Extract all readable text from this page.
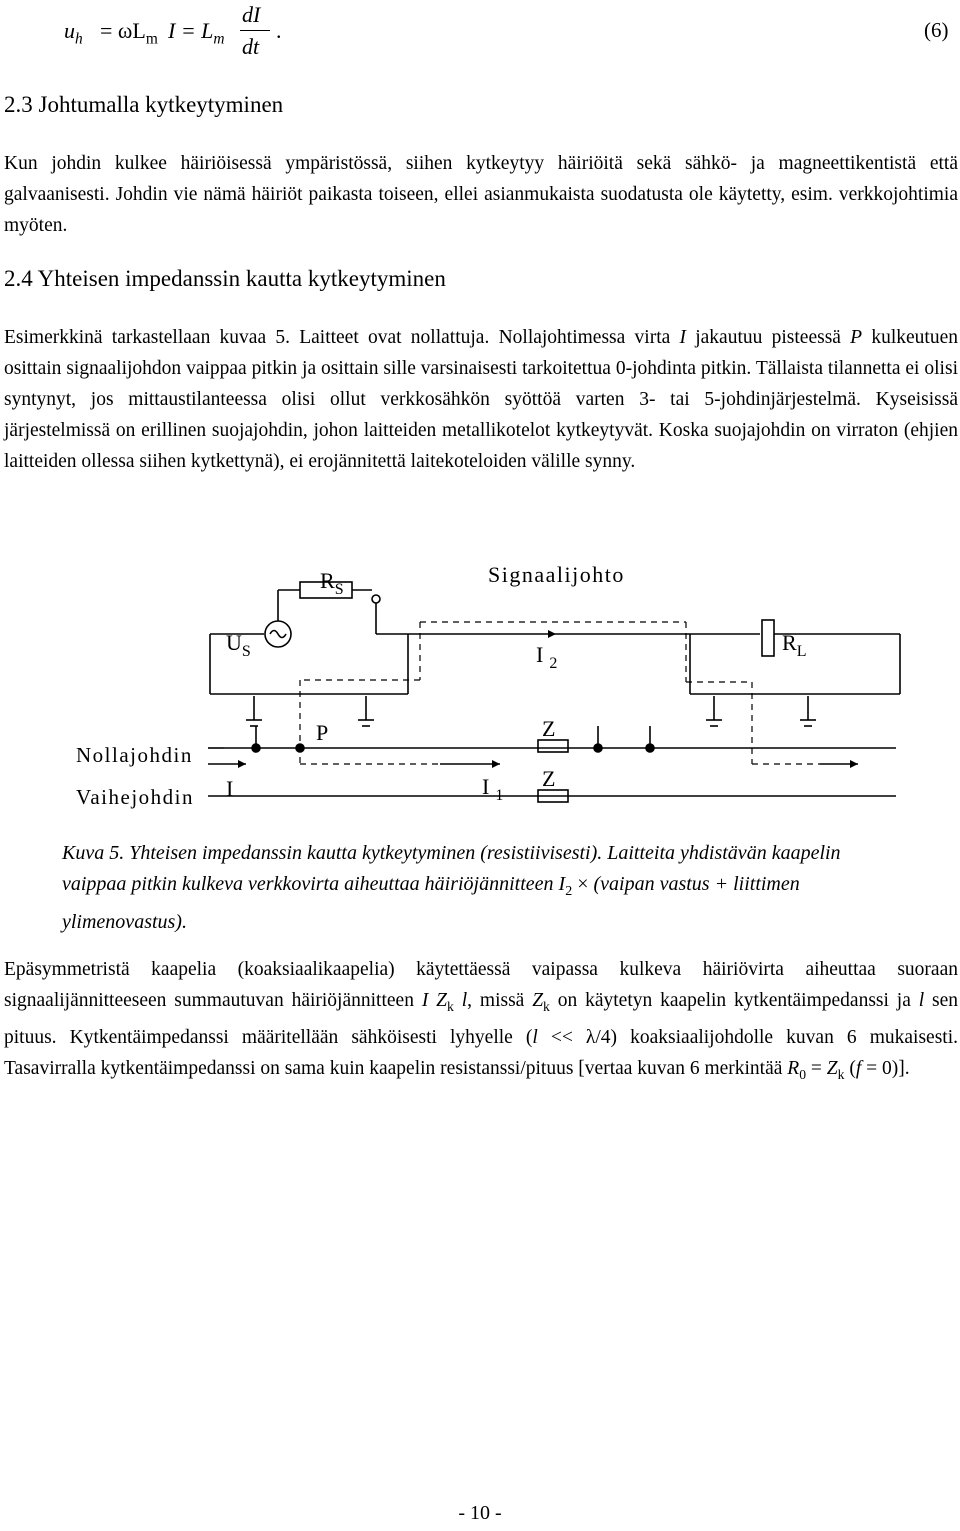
$u_h = \omega L_m$ $I = L_m$
dI
dt
.	(6)
2.3 Johtumalla kytkeytyminen

Kun johdin kulkee häiriöisessä ympäristössä, siihen kytkeytyy häiriöitä sekä sähkö- ja magneettikentistä että galvaanisesti. Johdin vie nämä häiriöt paikasta toiseen, ellei asianmukaista suodatusta ole käytetty, esim. verkkojohtimia myöten.

2.4 Yhteisen impedanssin kautta kytkeytyminen

Esimerkkinä tarkastellaan kuvaa 5. Laitteet ovat nollattuja. Nollajohtimessa virta I jakautuu pisteessä P kulkeutuen osittain signaalijohdon vaippaa pitkin ja osittain sille varsinaisesti tarkoitettua 0-johdinta pitkin. Tällaista tilannetta ei olisi syntynyt, jos mittaustilanteessa olisi ollut verkkosähkön syöttöä varten 3- tai 5-johdinjärjestelmä. Kyseisissä järjestelmissä on erillinen suojajohdin, johon laitteiden metallikotelot kytkeytyvät. Koska suojajohdin on virraton (ehjien laitteiden ollessa siihen kytkettynä), ei erojännitettä laitekoteloiden välille synny.

$R_S$
Signaalijohto
$U_S$	I $_2$
$R_L$
P	Z
Z
Nollajohdin
Vaihejohdin I	I $_1$

Kuva 5. Yhteisen impedanssin kautta kytkeytyminen (resistiivisesti). Laitteita yhdistävän kaapelin vaippaa pitkin kulkeva verkkovirta aiheuttaa häiriöjännitteen $I_2$ × (vaipan vastus + liittimen ylimenovastus).

Epäsymmetristä kaapelia (koaksiaalikaapelia) käytettäessä vaipassa kulkeva häiriövirta aiheuttaa suoraan signaalijännitteeseen summautuvan häiriöjännitteen I $Z_k$ l, missä $Z_k$ on käytetyn kaapelin kytkentäimpedanssi ja l sen pituus. Kytkentäimpedanssi määritellään sähköisesti lyhyelle (l << λ/4) koaksiaalijohdolle kuvan 6 mukaisesti. Tasavirralla kytkentäimpedanssi on sama kuin kaapelin resistanssi/pituus [vertaa kuvan 6 merkintää $R_0 = Z_k$ (f = 0)].

- 10 -
